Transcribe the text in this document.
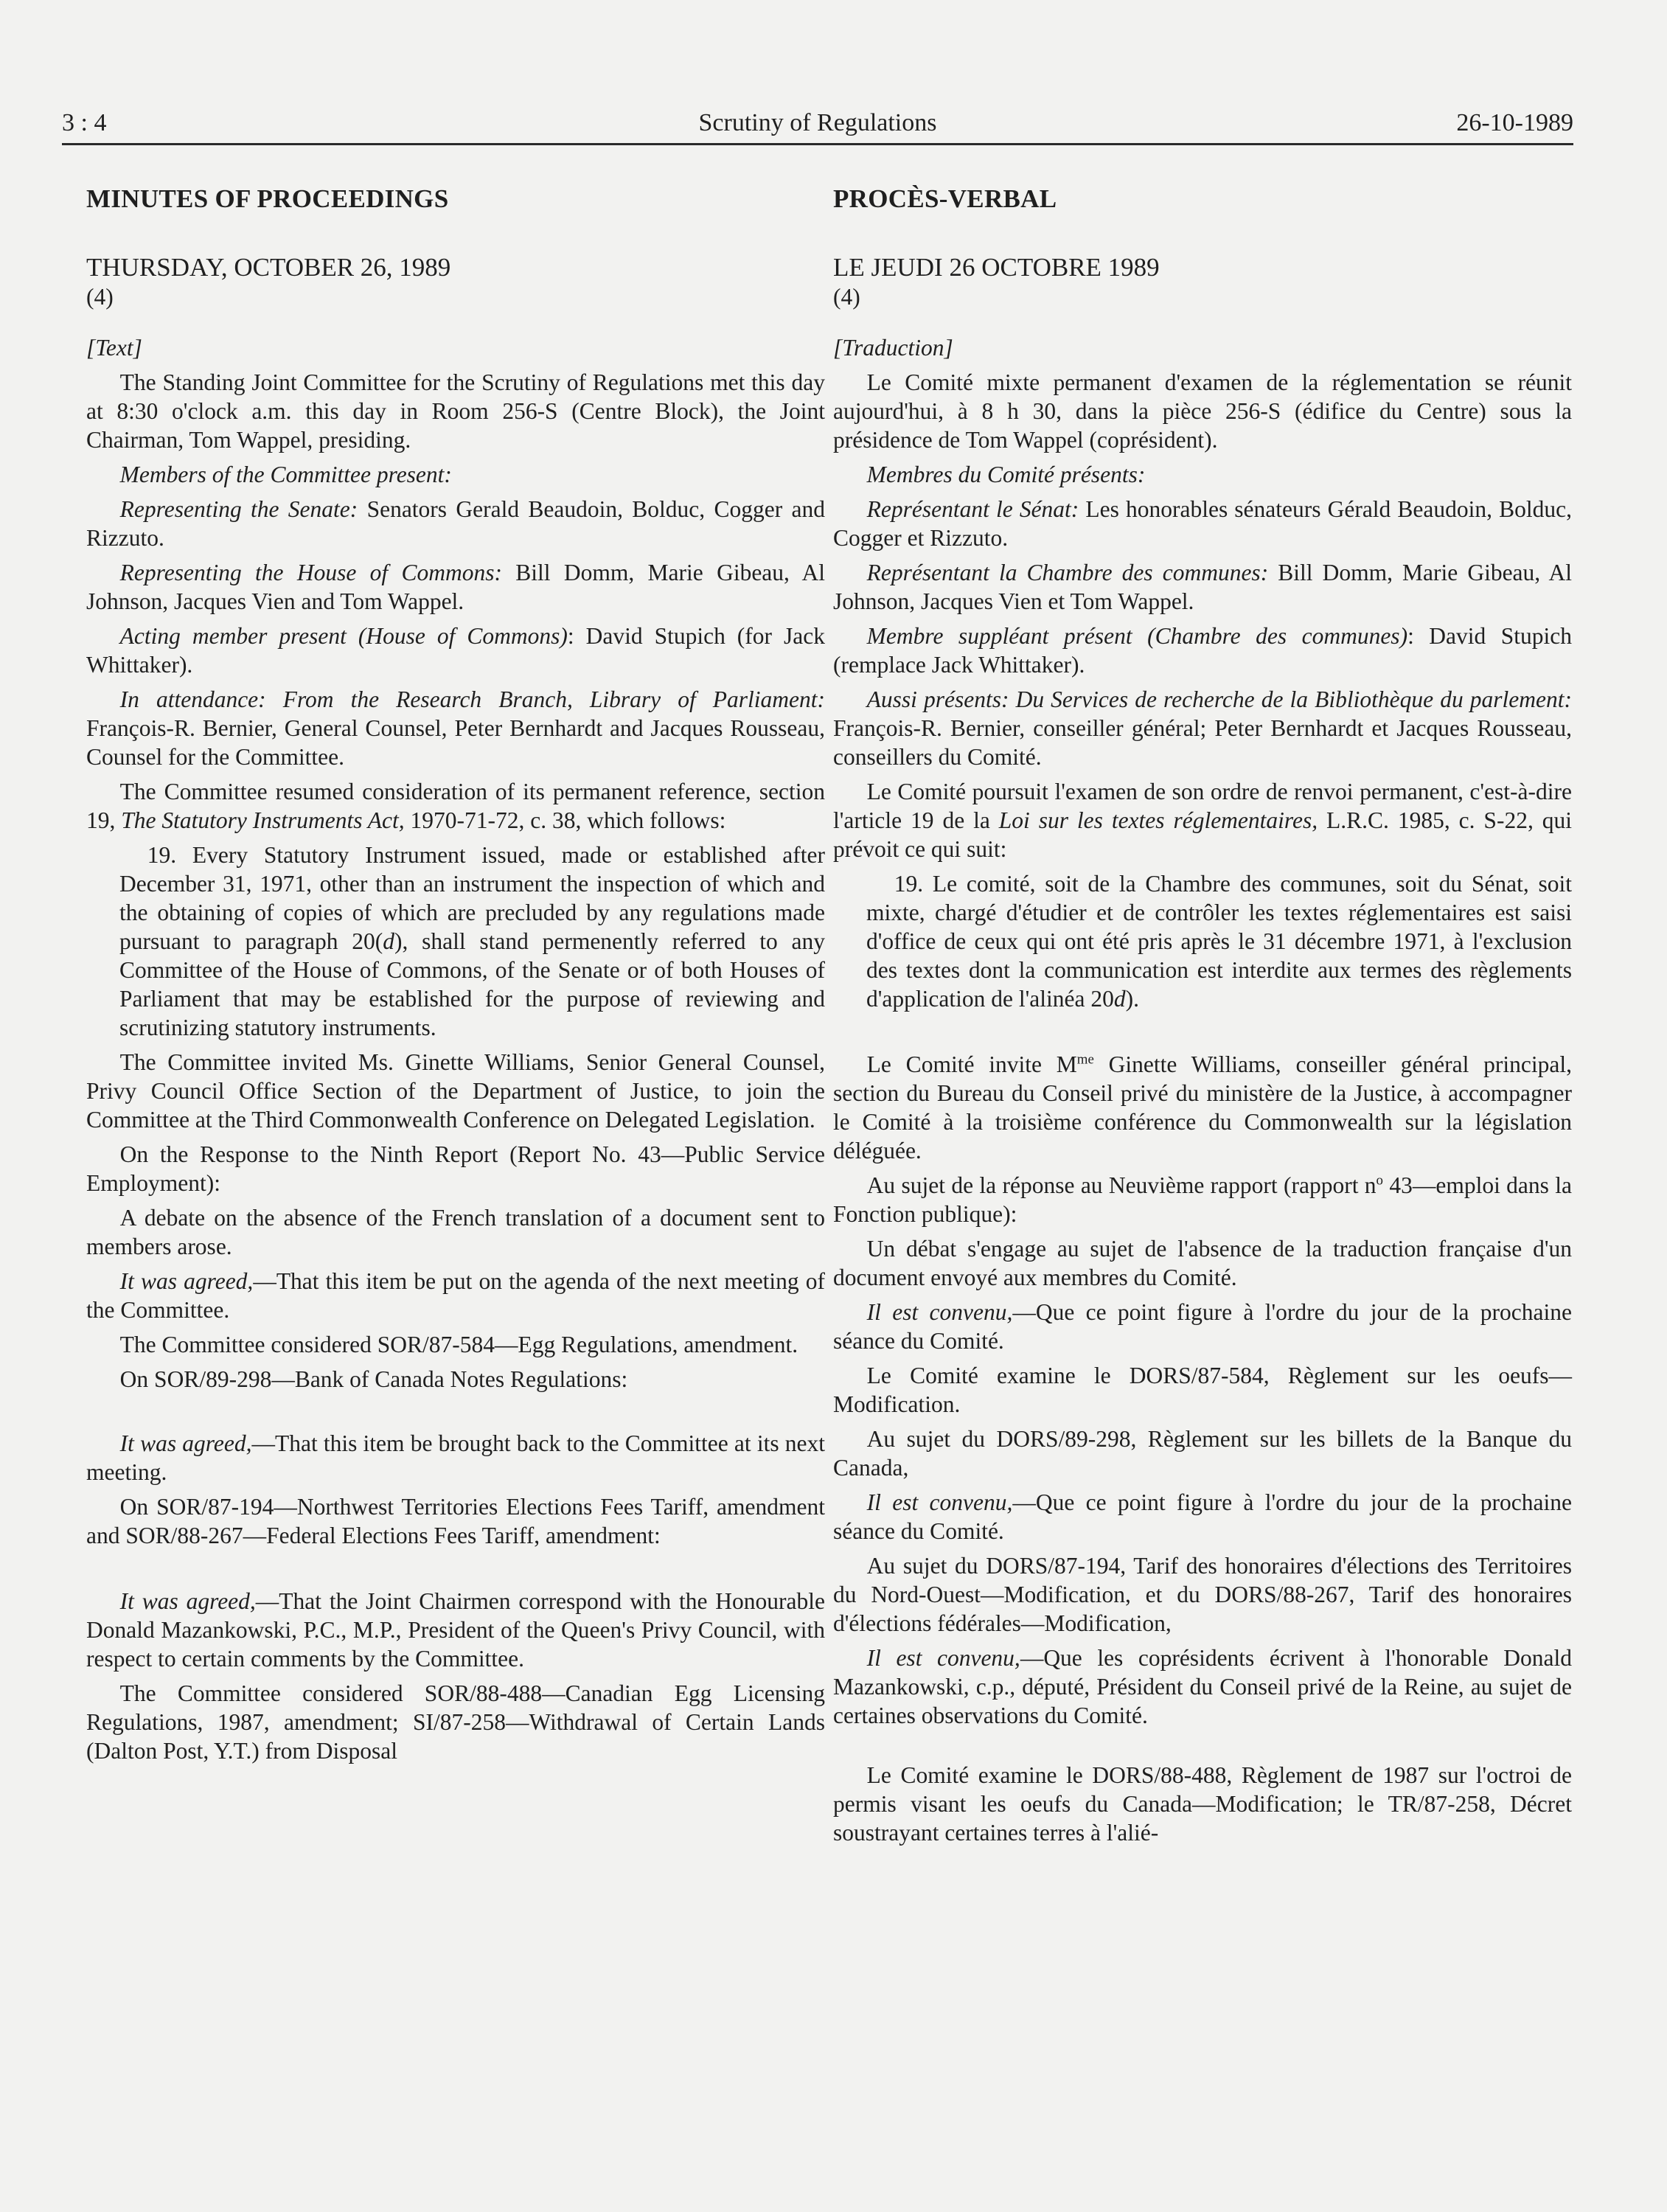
3 : 4	Scrutiny of Regulations	26-10-1989
MINUTES OF PROCEEDINGS

THURSDAY, OCTOBER 26, 1989

(4)

[Text]

The Standing Joint Committee for the Scrutiny of Regulations met this day at 8:30 o'clock a.m. this day in Room 256-S (Centre Block), the Joint Chairman, Tom Wappel, presiding.

Members of the Committee present:

Representing the Senate: Senators Gerald Beaudoin, Bolduc, Cogger and Rizzuto.

Representing the House of Commons: Bill Domm, Marie Gibeau, Al Johnson, Jacques Vien and Tom Wappel.

Acting member present (House of Commons): David Stupich (for Jack Whittaker).

In attendance: From the Research Branch, Library of Parliament: François-R. Bernier, General Counsel, Peter Bernhardt and Jacques Rousseau, Counsel for the Committee.

The Committee resumed consideration of its permanent reference, section 19, The Statutory Instruments Act, 1970-71-72, c. 38, which follows:

19. Every Statutory Instrument issued, made or established after December 31, 1971, other than an instrument the inspection of which and the obtaining of copies of which are precluded by any regulations made pursuant to paragraph 20(d), shall stand permenently referred to any Committee of the House of Commons, of the Senate or of both Houses of Parliament that may be established for the purpose of reviewing and scrutinizing statutory instruments.

The Committee invited Ms. Ginette Williams, Senior General Counsel, Privy Council Office Section of the Department of Justice, to join the Committee at the Third Commonwealth Conference on Delegated Legislation.

On the Response to the Ninth Report (Report No. 43—Public Service Employment):

A debate on the absence of the French translation of a document sent to members arose.

It was agreed,—That this item be put on the agenda of the next meeting of the Committee.

The Committee considered SOR/87-584—Egg Regulations, amendment.

On SOR/89-298—Bank of Canada Notes Regulations:

It was agreed,—That this item be brought back to the Committee at its next meeting.

On SOR/87-194—Northwest Territories Elections Fees Tariff, amendment and SOR/88-267—Federal Elections Fees Tariff, amendment:

It was agreed,—That the Joint Chairmen correspond with the Honourable Donald Mazankowski, P.C., M.P., President of the Queen's Privy Council, with respect to certain comments by the Committee.

The Committee considered SOR/88-488—Canadian Egg Licensing Regulations, 1987, amendment; SI/87-258—Withdrawal of Certain Lands (Dalton Post, Y.T.) from Disposal

PROCÈS-VERBAL

LE JEUDI 26 OCTOBRE 1989

(4)

[Traduction]

Le Comité mixte permanent d'examen de la réglementation se réunit aujourd'hui, à 8 h 30, dans la pièce 256-S (édifice du Centre) sous la présidence de Tom Wappel (coprésident).

Membres du Comité présents:

Représentant le Sénat: Les honorables sénateurs Gérald Beaudoin, Bolduc, Cogger et Rizzuto.

Représentant la Chambre des communes: Bill Domm, Marie Gibeau, Al Johnson, Jacques Vien et Tom Wappel.

Membre suppléant présent (Chambre des communes): David Stupich (remplace Jack Whittaker).

Aussi présents: Du Services de recherche de la Bibliothèque du parlement: François-R. Bernier, conseiller général; Peter Bernhardt et Jacques Rousseau, conseillers du Comité.

Le Comité poursuit l'examen de son ordre de renvoi permanent, c'est-à-dire l'article 19 de la Loi sur les textes réglementaires, L.R.C. 1985, c. S-22, qui prévoit ce qui suit:

19. Le comité, soit de la Chambre des communes, soit du Sénat, soit mixte, chargé d'étudier et de contrôler les textes réglementaires est saisi d'office de ceux qui ont été pris après le 31 décembre 1971, à l'exclusion des textes dont la communication est interdite aux termes des règlements d'application de l'alinéa 20d).

Le Comité invite $M^{me}$ Ginette Williams, conseiller général principal, section du Bureau du Conseil privé du ministère de la Justice, à accompagner le Comité à la troisième conférence du Commonwealth sur la législation déléguée.

Au sujet de la réponse au Neuvième rapport (rapport $n^o$ 43—emploi dans la Fonction publique):

Un débat s'engage au sujet de l'absence de la traduction française d'un document envoyé aux membres du Comité.

Il est convenu,—Que ce point figure à l'ordre du jour de la prochaine séance du Comité.

Le Comité examine le DORS/87-584, Règlement sur les oeufs—Modification.

Au sujet du DORS/89-298, Règlement sur les billets de la Banque du Canada,

Il est convenu,—Que ce point figure à l'ordre du jour de la prochaine séance du Comité.

Au sujet du DORS/87-194, Tarif des honoraires d'élections des Territoires du Nord-Ouest—Modification, et du DORS/88-267, Tarif des honoraires d'élections fédérales—Modification,

Il est convenu,—Que les coprésidents écrivent à l'honorable Donald Mazankowski, c.p., député, Président du Conseil privé de la Reine, au sujet de certaines observations du Comité.

Le Comité examine le DORS/88-488, Règlement de 1987 sur l'octroi de permis visant les oeufs du Canada—Modification; le TR/87-258, Décret soustrayant certaines terres à l'alié-
